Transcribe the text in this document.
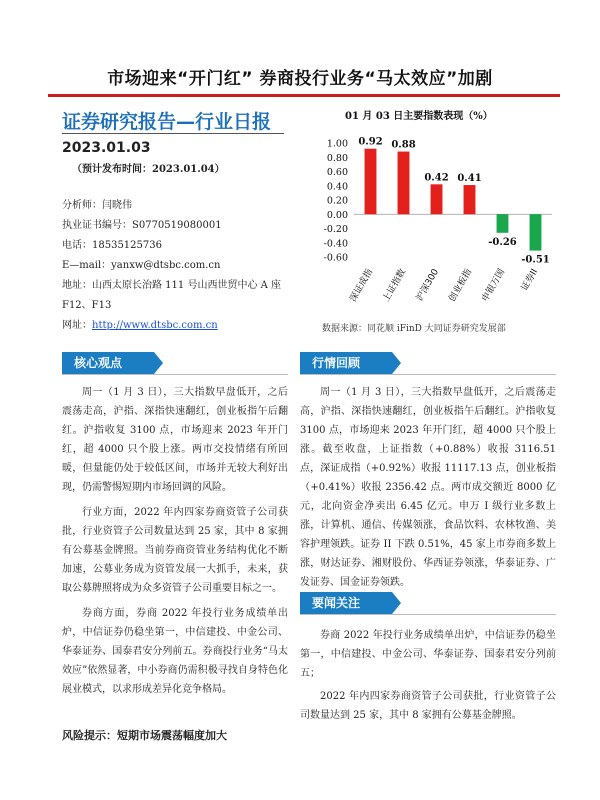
市场迎来“开门红” 券商投行业务“马太效应”加剧
证券研究报告—行业日报
2023.01.03
（预计发布时间：2023.01.04）
分析师：闫晓伟
执业证书编号：S0770519080001
电话：18535125736
E—mail：yanxw@dtsbc.com.cn
地址：山西太原长治路 111 号山西世贸中心 A 座
F12、F13
网址：http://www.dtsbc.com.cn
01 月 03 日主要指数表现（%）
1.00
0.80
0.60
0.40
0.20
0.00
-0.20
-0.40
-0.60
0.92
深证成指
0.88
上证指数
0.42
沪深300
0.41
创业板指
-0.26
申银万国
-0.51
证券II
数据来源：同花顺 iFinD 大同证券研究发展部
核心观点

周一（1 月 3 日），三大指数早盘低开，之后震荡走高，沪指、深指快速翻红，创业板指午后翻红。沪指收复 3100 点，市场迎来 2023 年开门红，超 4000 只个股上涨。两市交投情绪有所回暖，但量能仍处于较低区间，市场并无较大利好出现，仍需警惕短期内市场回调的风险。

行业方面，2022 年内四家券商资管子公司获批，行业资管子公司数量达到 25 家，其中 8 家拥有公募基金牌照。当前券商资管业务结构优化不断加速，公募业务成为资管发展一大抓手，未来，获取公募牌照将成为众多资管子公司重要目标之一。

券商方面，券商 2022 年投行业务成绩单出炉，中信证券仍稳坐第一，中信建投、中金公司、华泰证券、国泰君安分列前五。券商投行业务“马太效应”依然显著，中小券商仍需积极寻找自身特色化展业模式，以求形成差异化竞争格局。

风险提示：短期市场震荡幅度加大
行情回顾

周一（1 月 3 日），三大指数早盘低开，之后震荡走高，沪指、深指快速翻红，创业板指午后翻红。沪指收复 3100 点，市场迎来 2023 年开门红，超 4000 只个股上涨。截至收盘，上证指数（+0.88%）收报 3116.51 点，深证成指（+0.92%）收报 11117.13 点，创业板指（+0.41%）收报 2356.42 点。两市成交额近 8000 亿元，北向资金净卖出 6.45 亿元。申万 I 级行业多数上涨，计算机、通信、传媒领涨，食品饮料、农林牧渔、美容护理领跌。证券 II 下跌 0.51%，45 家上市券商多数上涨，财达证券、湘财股份、华西证券领涨，华泰证券、广发证券、国金证券领跌。

要闻关注

券商 2022 年投行业务成绩单出炉，中信证券仍稳坐第一，中信建投、中金公司、华泰证券、国泰君安分列前五；

2022 年内四家券商资管子公司获批，行业资管子公司数量达到 25 家，其中 8 家拥有公募基金牌照。
